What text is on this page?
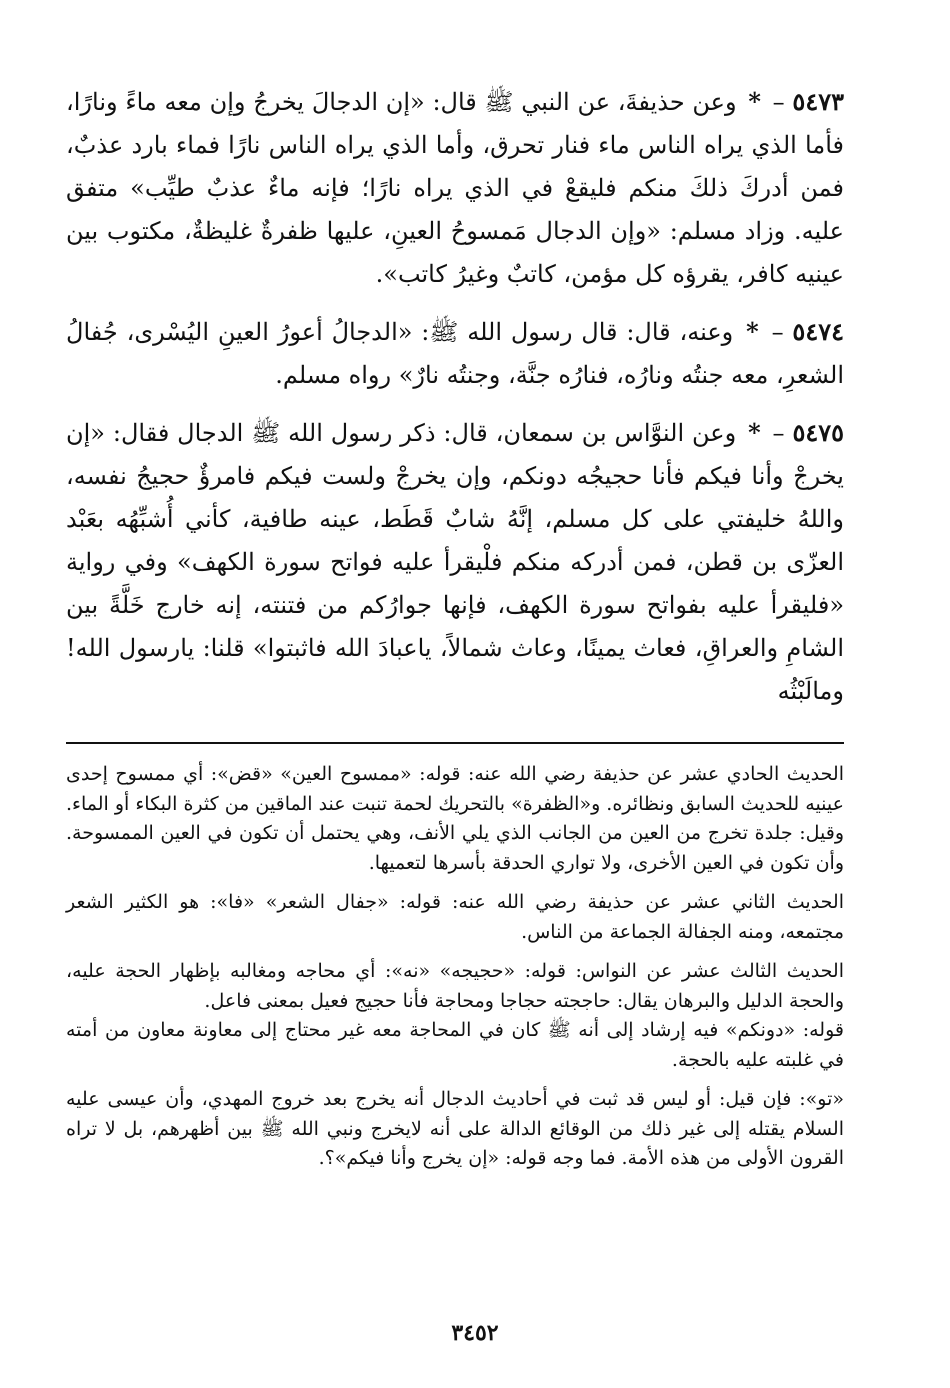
٥٤٧٣ – * وعن حذيفةَ، عن النبي ﷺ قال: «إن الدجالَ يخرجُ وإن معه ماءً ونارًا، فأما الذي يراه الناس ماء فنار تحرق، وأما الذي يراه الناس نارًا فماء بارد عذبٌ، فمن أدركَ ذلكَ منكم فليقعْ في الذي يراه نارًا؛ فإنه ماءٌ عذبٌ طيِّب» متفق عليه. وزاد مسلم: «وإن الدجال مَمسوحُ العينِ، عليها ظفرةٌ غليظةٌ، مكتوب بين عينيه كافر، يقرؤه كل مؤمن، كاتبٌ وغيرُ كاتب».

٥٤٧٤ – * وعنه، قال: قال رسول الله ﷺ: «الدجالُ أعورُ العينِ اليُسْرى، جُفالُ الشعرِ، معه جنتُه ونارُه، فنارُه جنَّة، وجنتُه نارٌ» رواه مسلم.

٥٤٧٥ – * وعن النوَّاس بن سمعان، قال: ذكر رسول الله ﷺ الدجال فقال: «إن يخرجْ وأنا فيكم فأنا حجيجُه دونكم، وإن يخرجْ ولست فيكم فامرؤٌ حجيجُ نفسه، واللهُ خليفتي على كل مسلم، إنَّهُ شابٌ قَطَط، عينه طافية، كأني أُشبِّهُه بعَبْد العزّى بن قطن، فمن أدركه منكم فلْيقرأ عليه فواتح سورة الكهف» وفي رواية «فليقرأ عليه بفواتح سورة الكهف، فإنها جوارُكم من فتنته، إنه خارج خَلَّةً بين الشامِ والعراقِ، فعاث يمينًا، وعاث شمالاً، ياعبادَ الله فاثبتوا» قلنا: يارسول الله! ومالَبْثُه

الحديث الحادي عشر عن حذيفة رضي الله عنه: قوله: «ممسوح العين» «قض»: أي ممسوح إحدى عينيه للحديث السابق ونظائره. و«الظفرة» بالتحريك لحمة تنبت عند الماقين من كثرة البكاء أو الماء. وقيل: جلدة تخرج من العين من الجانب الذي يلي الأنف، وهي يحتمل أن تكون في العين الممسوحة. وأن تكون في العين الأخرى، ولا تواري الحدقة بأسرها لتعميها.

الحديث الثاني عشر عن حذيفة رضي الله عنه: قوله: «جفال الشعر» «فا»: هو الكثير الشعر مجتمعه، ومنه الجفالة الجماعة من الناس.

الحديث الثالث عشر عن النواس: قوله: «حجيجه» «نه»: أي محاجه ومغالبه بإظهار الحجة عليه، والحجة الدليل والبرهان يقال: حاججته حجاجا ومحاجة فأنا حجيج فعيل بمعنى فاعل.

قوله: «دونكم» فيه إرشاد إلى أنه ﷺ كان في المحاجة معه غير محتاج إلى معاونة معاون من أمته في غلبته عليه بالحجة.

«تو»: فإن قيل: أو ليس قد ثبت في أحاديث الدجال أنه يخرج بعد خروج المهدي، وأن عيسى عليه السلام يقتله إلى غير ذلك من الوقائع الدالة على أنه لايخرج ونبي الله ﷺ بين أظهرهم، بل لا تراه القرون الأولى من هذه الأمة. فما وجه قوله: «إن يخرج وأنا فيكم»؟.

٣٤٥٢
